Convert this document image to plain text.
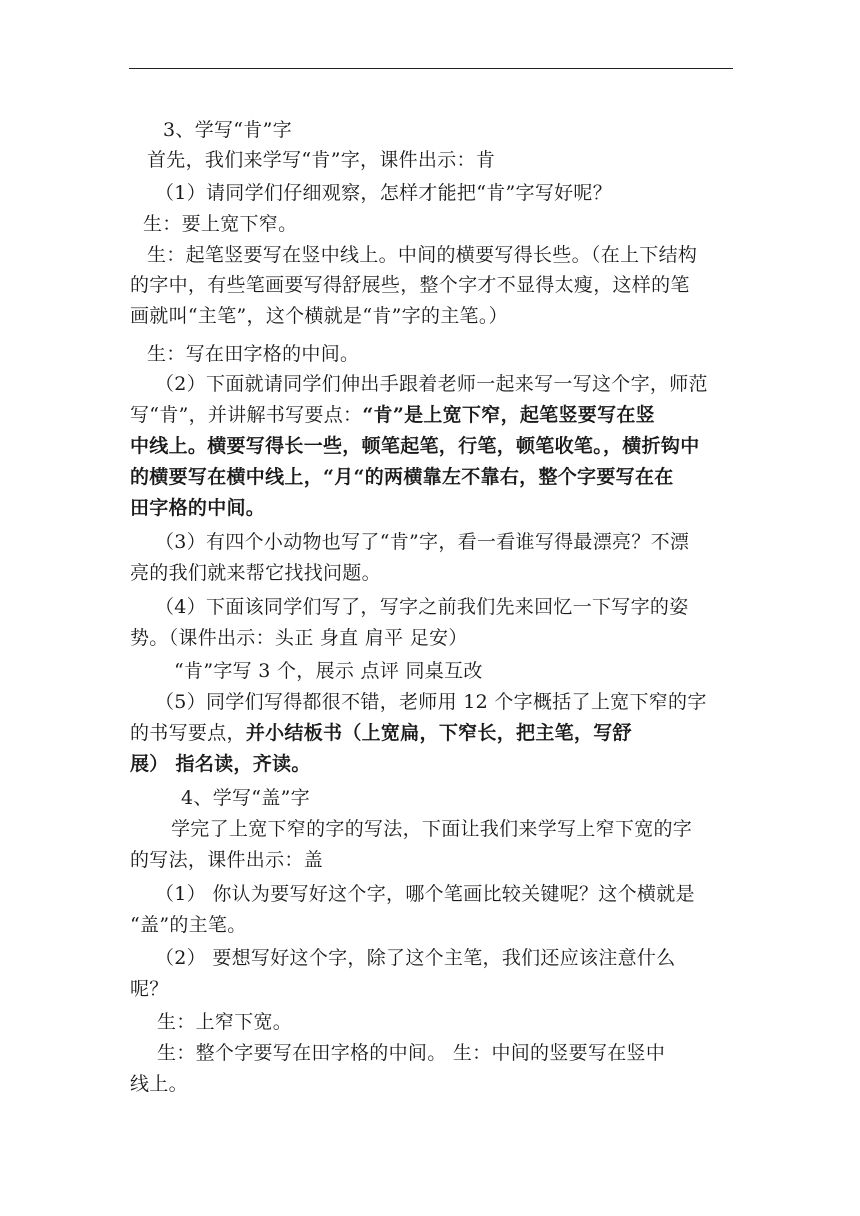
3、学写“肯”字
首先，我们来学写“肯”字，课件出示：肯
（1）请同学们仔细观察，怎样才能把“肯”字写好呢？
生：要上宽下窄。
生：起笔竖要写在竖中线上。中间的横要写得长些。（在上下结构
的字中，有些笔画要写得舒展些，整个字才不显得太瘦，这样的笔
画就叫“主笔”，这个横就是“肯”字的主笔。）
生：写在田字格的中间。
（2）下面就请同学们伸出手跟着老师一起来写一写这个字，师范
写“肯”，并讲解书写要点：“肯”是上宽下窄，起笔竖要写在竖
中线上。横要写得长一些，顿笔起笔，行笔，顿笔收笔。，横折钩中
的横要写在横中线上，“月“的两横靠左不靠右，整个字要写在在
田字格的中间。
（3）有四个小动物也写了“肯”字，看一看谁写得最漂亮？不漂
亮的我们就来帮它找找问题。
（4）下面该同学们写了，写字之前我们先来回忆一下写字的姿
势。（课件出示：头正 身直 肩平 足安）
“肯”字写 3 个，展示 点评 同桌互改
（5）同学们写得都很不错，老师用 12 个字概括了上宽下窄的字
的书写要点，并小结板书（上宽扁，下窄长，把主笔，写舒
展） 指名读，齐读。
4、学写“盖”字
学完了上宽下窄的字的写法，下面让我们来学写上窄下宽的字
的写法，课件出示：盖
（1） 你认为要写好这个字，哪个笔画比较关键呢？这个横就是
“盖”的主笔。
（2） 要想写好这个字，除了这个主笔，我们还应该注意什么
呢？
生：上窄下宽。
生：整个字要写在田字格的中间。 生：中间的竖要写在竖中
线上。
